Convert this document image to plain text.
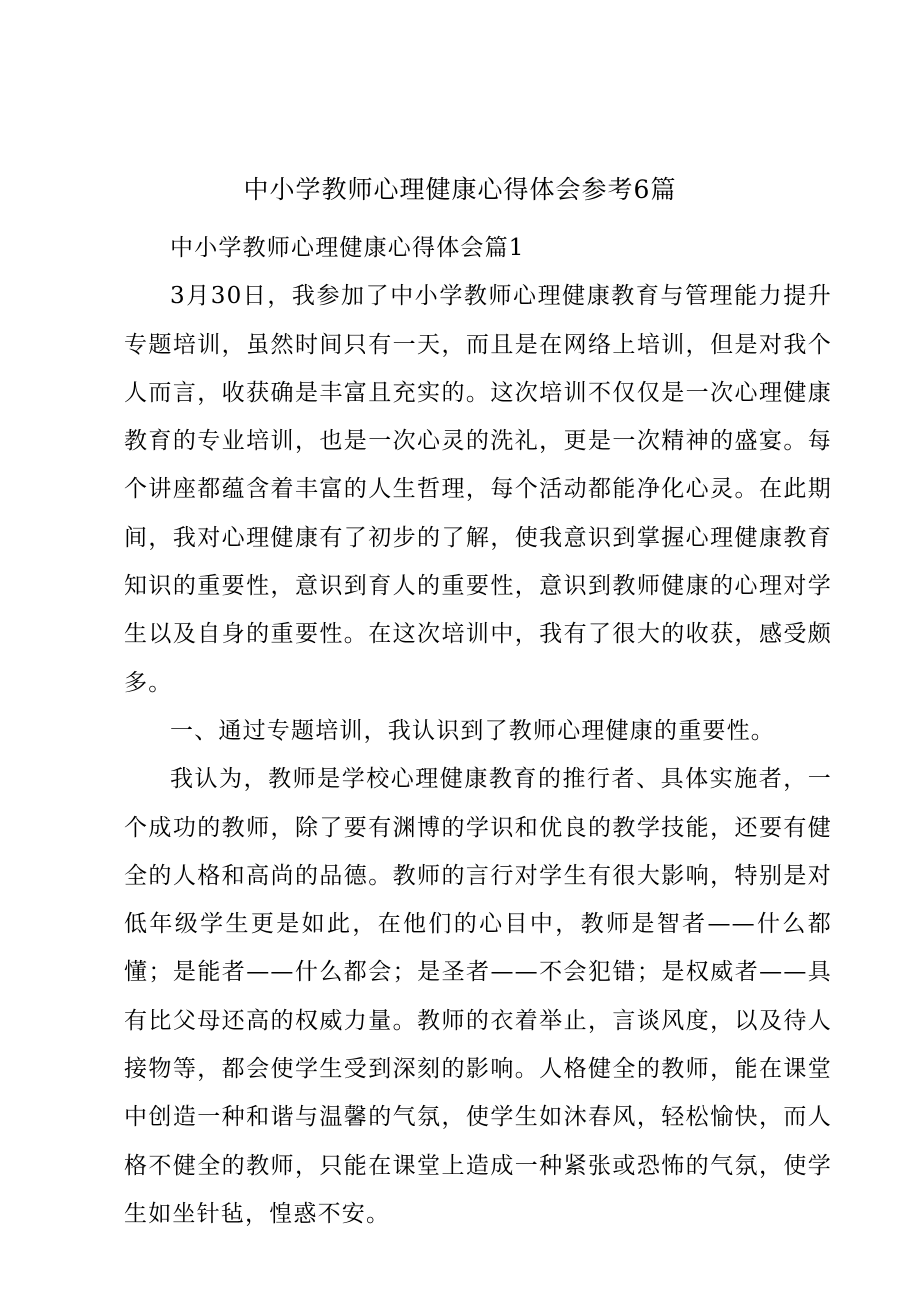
中小学教师心理健康心得体会参考6篇

中小学教师心理健康心得体会篇1

3月30日，我参加了中小学教师心理健康教育与管理能力提升专题培训，虽然时间只有一天，而且是在网络上培训，但是对我个人而言，收获确是丰富且充实的。这次培训不仅仅是一次心理健康教育的专业培训，也是一次心灵的洗礼，更是一次精神的盛宴。每个讲座都蕴含着丰富的人生哲理，每个活动都能净化心灵。在此期间，我对心理健康有了初步的了解，使我意识到掌握心理健康教育知识的重要性，意识到育人的重要性，意识到教师健康的心理对学生以及自身的重要性。在这次培训中，我有了很大的收获，感受颇多。

一、通过专题培训，我认识到了教师心理健康的重要性。

我认为，教师是学校心理健康教育的推行者、具体实施者，一个成功的教师，除了要有渊博的学识和优良的教学技能，还要有健全的人格和高尚的品德。教师的言行对学生有很大影响，特别是对低年级学生更是如此，在他们的心目中，教师是智者——什么都懂；是能者——什么都会；是圣者——不会犯错；是权威者——具有比父母还高的权威力量。教师的衣着举止，言谈风度，以及待人接物等，都会使学生受到深刻的影响。人格健全的教师，能在课堂中创造一种和谐与温馨的气氛，使学生如沐春风，轻松愉快，而人格不健全的教师，只能在课堂上造成一种紧张或恐怖的气氛，使学生如坐针毡，惶惑不安。
